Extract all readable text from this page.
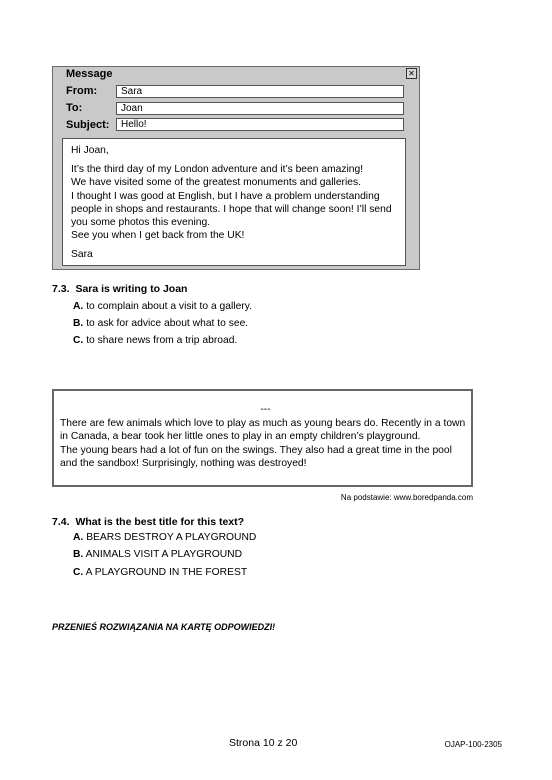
Message	✕
From:	Sara
To:	Joan
Subject:	Hello!

Hi Joan,

It’s the third day of my London adventure and it’s been amazing!

We have visited some of the greatest monuments and galleries.

I thought I was good at English, but I have a problem understanding

people in shops and restaurants. I hope that will change soon! I’ll send

you some photos this evening.

See you when I get back from the UK!

Sara

7.3. Sara is writing to Joan
A. to complain about a visit to a gallery.
B. to ask for advice about what to see.
C. to share news from a trip abroad.
---

There are few animals which love to play as much as young bears do. Recently in a town

in Canada, a bear took her little ones to play in an empty children’s playground.

The young bears had a lot of fun on the swings. They also had a great time in the pool

and the sandbox! Surprisingly, nothing was destroyed!

Na podstawie: www.boredpanda.com
7.4. What is the best title for this text?
A. BEARS DESTROY A PLAYGROUND
B. ANIMALS VISIT A PLAYGROUND
C. A PLAYGROUND IN THE FOREST
PRZENIEŚ ROZWIĄZANIA NA KARTĘ ODPOWIEDZI!
Strona 10 z 20	OJAP-100-2305
